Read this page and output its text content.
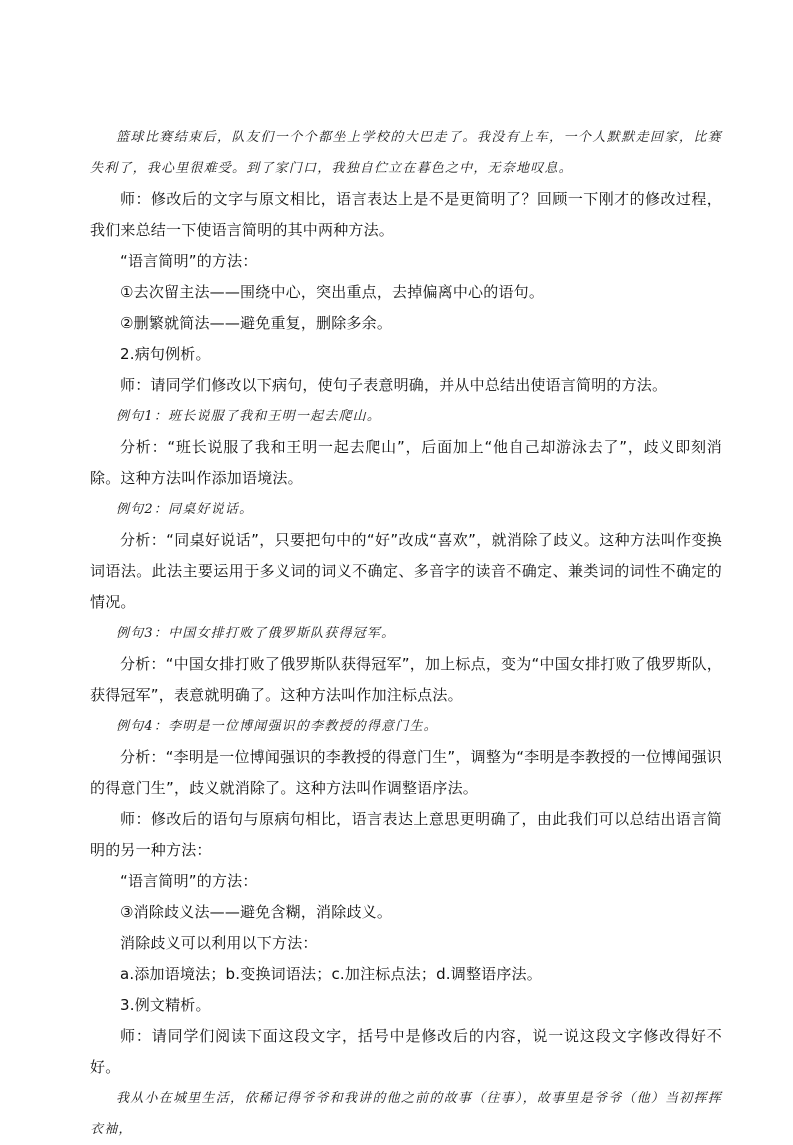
篮球比赛结束后，队友们一个个都坐上学校的大巴走了。我没有上车，一个人默默走回家，比赛失利了，我心里很难受。到了家门口，我独自伫立在暮色之中，无奈地叹息。

师：修改后的文字与原文相比，语言表达上是不是更简明了？回顾一下刚才的修改过程，我们来总结一下使语言简明的其中两种方法。

“语言简明”的方法：

①去次留主法——围绕中心，突出重点，去掉偏离中心的语句。

②删繁就简法——避免重复，删除多余。

2.病句例析。

师：请同学们修改以下病句，使句子表意明确，并从中总结出使语言简明的方法。

例句1：班长说服了我和王明一起去爬山。

分析：“班长说服了我和王明一起去爬山”，后面加上“他自己却游泳去了”，歧义即刻消除。这种方法叫作添加语境法。

例句2：同桌好说话。

分析：“同桌好说话”，只要把句中的“好”改成“喜欢”，就消除了歧义。这种方法叫作变换词语法。此法主要运用于多义词的词义不确定、多音字的读音不确定、兼类词的词性不确定的情况。

例句3：中国女排打败了俄罗斯队获得冠军。

分析：“中国女排打败了俄罗斯队获得冠军”，加上标点，变为“中国女排打败了俄罗斯队，获得冠军”，表意就明确了。这种方法叫作加注标点法。

例句4：李明是一位博闻强识的李教授的得意门生。

分析：“李明是一位博闻强识的李教授的得意门生”，调整为“李明是李教授的一位博闻强识的得意门生”，歧义就消除了。这种方法叫作调整语序法。

师：修改后的语句与原病句相比，语言表达上意思更明确了，由此我们可以总结出语言简明的另一种方法：

“语言简明”的方法：

③消除歧义法——避免含糊，消除歧义。

消除歧义可以利用以下方法：

a.添加语境法；b.变换词语法；c.加注标点法；d.调整语序法。

3.例文精析。

师：请同学们阅读下面这段文字，括号中是修改后的内容，说一说这段文字修改得好不好。

我从小在城里生活，依稀记得爷爷和我讲的他之前的故事（往事），故事里是爷爷（他）当初挥挥衣袖，
